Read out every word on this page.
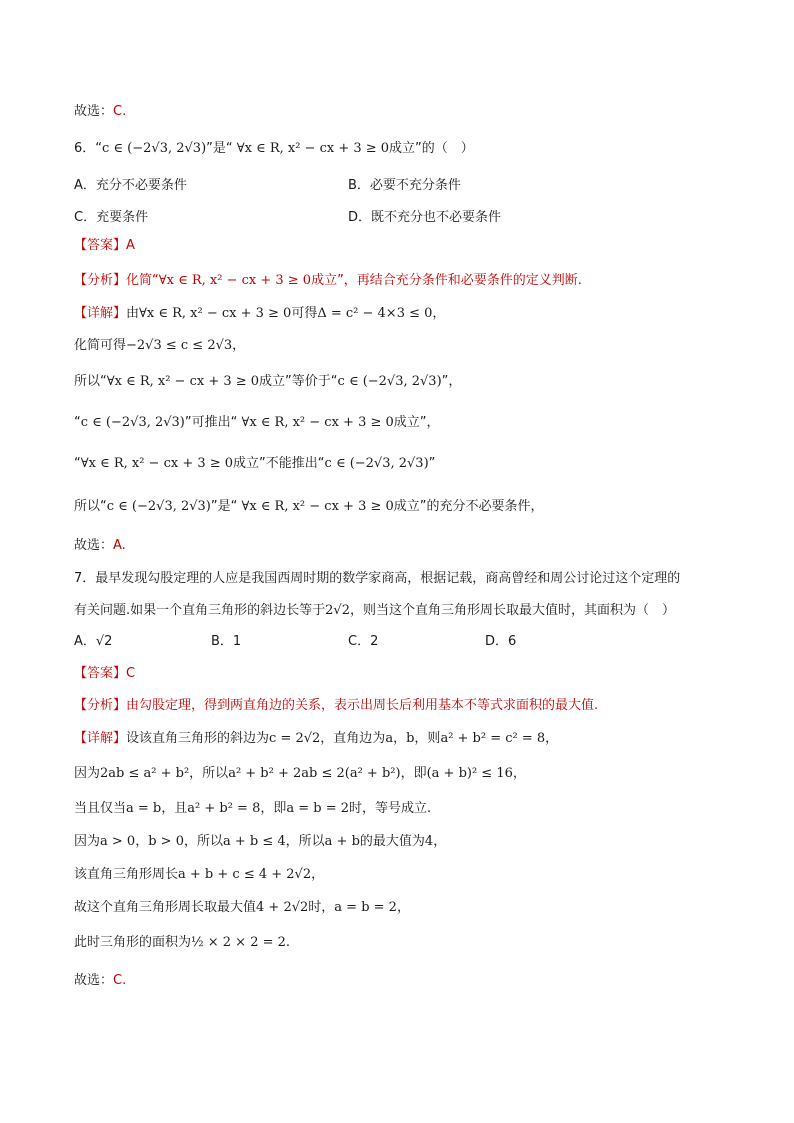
故选：C.
6．“c ∈ (−2√3, 2√3)”是“ ∀x ∈ R, x² − cx + 3 ≥ 0成立”的（　）
【答案】A
【分析】化简“∀x ∈ R, x² − cx + 3 ≥ 0成立”，再结合充分条件和必要条件的定义判断.
【详解】由∀x ∈ R, x² − cx + 3 ≥ 0可得Δ = c² − 4×3 ≤ 0，
化简可得−2√3 ≤ c ≤ 2√3，
所以“∀x ∈ R, x² − cx + 3 ≥ 0成立”等价于“c ∈ (−2√3, 2√3)”，
“c ∈ (−2√3, 2√3)”可推出“ ∀x ∈ R, x² − cx + 3 ≥ 0成立”，
“∀x ∈ R, x² − cx + 3 ≥ 0成立”不能推出“c ∈ (−2√3, 2√3)”
所以“c ∈ (−2√3, 2√3)”是“ ∀x ∈ R, x² − cx + 3 ≥ 0成立”的充分不必要条件，
故选：A.
7．最早发现勾股定理的人应是我国西周时期的数学家商高，根据记载，商高曾经和周公讨论过这个定理的
有关问题.如果一个直角三角形的斜边长等于2√2，则当这个直角三角形周长取最大值时，其面积为（　）
【答案】C
【分析】由勾股定理，得到两直角边的关系，表示出周长后利用基本不等式求面积的最大值.
【详解】设该直角三角形的斜边为c = 2√2，直角边为a，b，则a² + b² = c² = 8，
因为2ab ≤ a² + b²，所以a² + b² + 2ab ≤ 2(a² + b²)，即(a + b)² ≤ 16，
当且仅当a = b，且a² + b² = 8，即a = b = 2时，等号成立.
因为a > 0，b > 0，所以a + b ≤ 4，所以a + b的最大值为4，
该直角三角形周长a + b + c ≤ 4 + 2√2，
故这个直角三角形周长取最大值4 + 2√2时，a = b = 2，
此时三角形的面积为½ × 2 × 2 = 2.
故选：C.
A．充分不必要条件	B．必要不充分条件
C．充要条件	D．既不充分也不必要条件
A．√2	B．1	C．2	D．6
